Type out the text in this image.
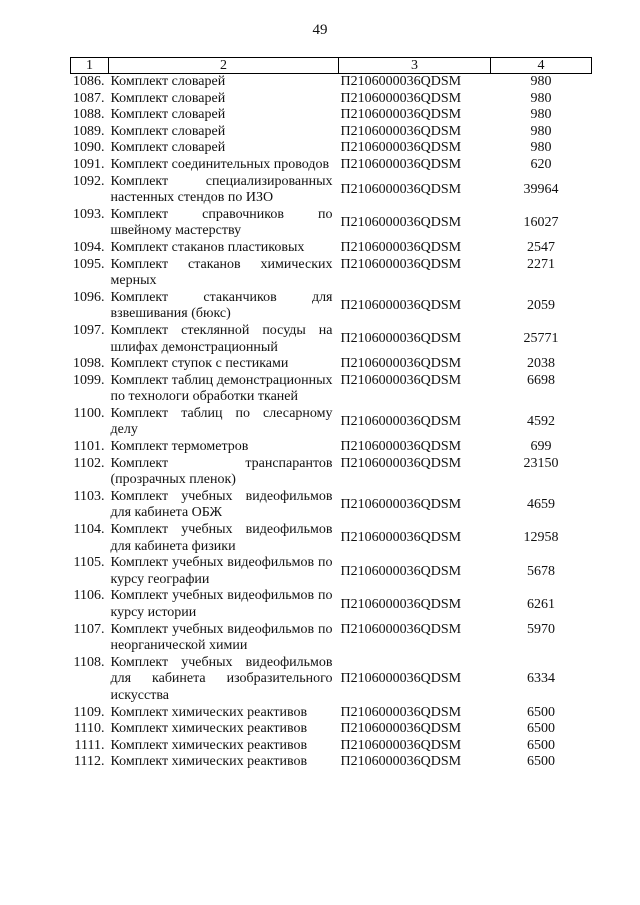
49
1	2	3	4
1086.	Комплект словарей	П2106000036QDSM	980
1087.	Комплект словарей	П2106000036QDSM	980
1088.	Комплект словарей	П2106000036QDSM	980
1089.	Комплект словарей	П2106000036QDSM	980
1090.	Комплект словарей	П2106000036QDSM	980
1091.	Комплект соединительных проводов	П2106000036QDSM	620
1092.	Комплект специализированных настенных стендов по ИЗО	П2106000036QDSM	39964
1093.	Комплект справочников по швейному мастерству	П2106000036QDSM	16027
1094.	Комплект стаканов пластиковых	П2106000036QDSM	2547
1095.	Комплект стаканов химических мерных	П2106000036QDSM	2271
1096.	Комплект стаканчиков для взвешивания (бюкс)	П2106000036QDSM	2059
1097.	Комплект стеклянной посуды на шлифах демонстрационный	П2106000036QDSM	25771
1098.	Комплект ступок с пестиками	П2106000036QDSM	2038
1099.	Комплект таблиц демонстрационных по технологи обработки тканей	П2106000036QDSM	6698
1100.	Комплект таблиц по слесарному делу	П2106000036QDSM	4592
1101.	Комплект термометров	П2106000036QDSM	699
1102.	Комплект транспарантов (прозрачных пленок)	П2106000036QDSM	23150
1103.	Комплект учебных видеофильмов для кабинета ОБЖ	П2106000036QDSM	4659
1104.	Комплект учебных видеофильмов для кабинета физики	П2106000036QDSM	12958
1105.	Комплект учебных видеофильмов по курсу географии	П2106000036QDSM	5678
1106.	Комплект учебных видеофильмов по курсу истории	П2106000036QDSM	6261
1107.	Комплект учебных видеофильмов по неорганической химии	П2106000036QDSM	5970
1108.	Комплект учебных видеофильмов для кабинета изобразительного искусства	П2106000036QDSM	6334
1109.	Комплект химических реактивов	П2106000036QDSM	6500
1110.	Комплект химических реактивов	П2106000036QDSM	6500
1111.	Комплект химических реактивов	П2106000036QDSM	6500
1112.	Комплект химических реактивов	П2106000036QDSM	6500
